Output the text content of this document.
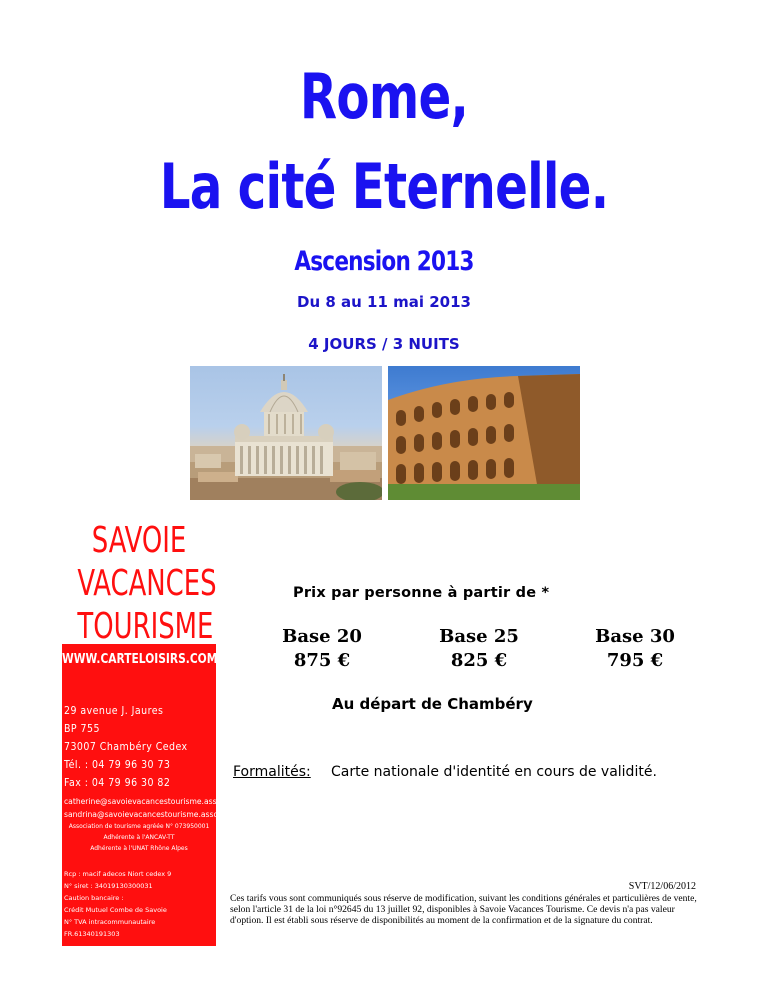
Rome,
La cité Eternelle.
Ascension 2013
Du 8 au 11 mai 2013
4 JOURS / 3 NUITS
SAVOIE
VACANCES
TOURISME
WWW.CARTELOISIRS.COM
29 avenue J. Jaures
BP 755
73007 Chambéry Cedex
Tél. : 04 79 96 30 73
Fax : 04 79 96 30 82
catherine@savoievacancestourisme.asso.fr
sandrina@savoievacancestourisme.asso.fr
Association de tourisme agréée N° 073950001
Adhérente à l'ANCAV-TT
Adhérente à l'UNAT Rhône Alpes
Rcp : macif adecos Niort cedex 9
N° siret : 34019130300031
Caution bancaire :
Crédit Mutuel Combe de Savoie
N° TVA intracommunautaire
FR.61340191303
Prix par personne à partir de *
Base 20
875 €
Base 25
825 €
Base 30
795 €
Au départ de Chambéry
Formalités: Carte nationale d'identité en cours de validité.
SVT/12/06/2012
Ces tarifs vous sont communiqués sous réserve de modification, suivant les conditions générales et particulières de vente, selon l'article 31 de la loi n°92645 du 13 juillet 92, disponibles à Savoie Vacances Tourisme. Ce devis n'a pas valeur d'option. Il est établi sous réserve de disponibilités au moment de la confirmation et de la signature du contrat.
